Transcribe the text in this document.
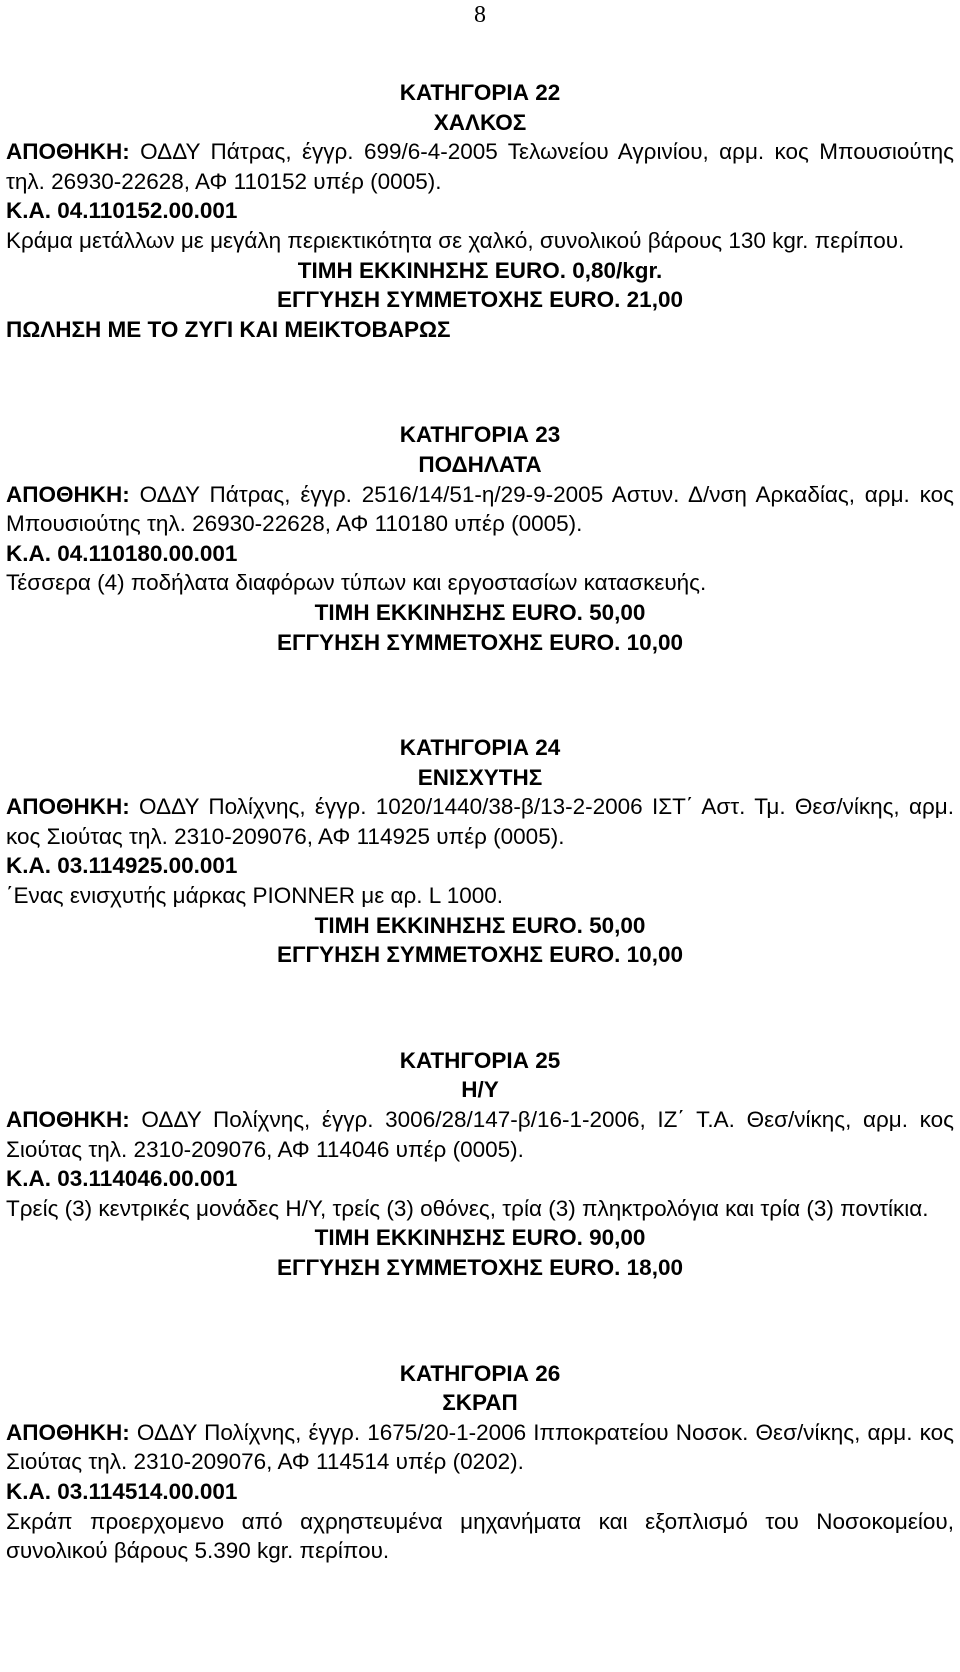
8
ΚΑΤΗΓΟΡΙΑ 22
ΧΑΛΚΟΣ
ΑΠΟΘΗΚΗ: ΟΔΔΥ Πάτρας, έγγρ. 699/6-4-2005 Τελωνείου Αγρινίου, αρμ. κος Μπουσιούτης τηλ. 26930-22628, ΑΦ 110152 υπέρ (0005).
Κ.Α. 04.110152.00.001
Κράμα μετάλλων με μεγάλη περιεκτικότητα σε χαλκό, συνολικού βάρους 130 kgr. περίπου.
ΤΙΜΗ ΕΚΚΙΝΗΣΗΣ EURO. 0,80/kgr.
ΕΓΓΥΗΣΗ ΣΥΜΜΕΤΟΧΗΣ EURO. 21,00
ΠΩΛΗΣΗ ΜΕ ΤΟ ΖΥΓΙ ΚΑΙ ΜΕΙΚΤΟΒΑΡΩΣ
ΚΑΤΗΓΟΡΙΑ 23
ΠΟΔΗΛΑΤΑ
ΑΠΟΘΗΚΗ: ΟΔΔΥ Πάτρας, έγγρ. 2516/14/51-η/29-9-2005 Αστυν. Δ/νση Αρκαδίας, αρμ. κος Μπουσιούτης τηλ. 26930-22628, ΑΦ 110180 υπέρ (0005).
Κ.Α. 04.110180.00.001
Τέσσερα (4) ποδήλατα διαφόρων τύπων και εργοστασίων κατασκευής.
ΤΙΜΗ ΕΚΚΙΝΗΣΗΣ EURO. 50,00
ΕΓΓΥΗΣΗ ΣΥΜΜΕΤΟΧΗΣ EURO. 10,00
ΚΑΤΗΓΟΡΙΑ 24
ΕΝΙΣΧΥΤΗΣ
ΑΠΟΘΗΚΗ: ΟΔΔΥ Πολίχνης, έγγρ. 1020/1440/38-β/13-2-2006 ΙΣΤ΄ Αστ. Τμ. Θεσ/νίκης, αρμ. κος Σιούτας τηλ. 2310-209076, ΑΦ 114925 υπέρ (0005).
Κ.Α. 03.114925.00.001
΄Ενας ενισχυτής μάρκας PIONNER με αρ. L 1000.
ΤΙΜΗ ΕΚΚΙΝΗΣΗΣ EURO. 50,00
ΕΓΓΥΗΣΗ ΣΥΜΜΕΤΟΧΗΣ EURO. 10,00
ΚΑΤΗΓΟΡΙΑ 25
Η/Υ
ΑΠΟΘΗΚΗ: ΟΔΔΥ Πολίχνης, έγγρ. 3006/28/147-β/16-1-2006, ΙΖ΄ Τ.Α. Θεσ/νίκης, αρμ. κος Σιούτας τηλ. 2310-209076, ΑΦ 114046 υπέρ (0005).
Κ.Α. 03.114046.00.001
Τρείς (3) κεντρικές μονάδες Η/Υ, τρείς (3) οθόνες, τρία (3) πληκτρολόγια και τρία (3) ποντίκια.
ΤΙΜΗ ΕΚΚΙΝΗΣΗΣ EURO. 90,00
ΕΓΓΥΗΣΗ ΣΥΜΜΕΤΟΧΗΣ EURO. 18,00
ΚΑΤΗΓΟΡΙΑ 26
ΣΚΡΑΠ
ΑΠΟΘΗΚΗ: ΟΔΔΥ Πολίχνης, έγγρ. 1675/20-1-2006 Ιπποκρατείου Νοσοκ. Θεσ/νίκης, αρμ. κος Σιούτας τηλ. 2310-209076, ΑΦ 114514 υπέρ (0202).
Κ.Α. 03.114514.00.001
Σκράπ προερχομενο από αχρηστευμένα μηχανήματα και εξοπλισμό του Νοσοκομείου, συνολικού βάρους 5.390 kgr. περίπου.
